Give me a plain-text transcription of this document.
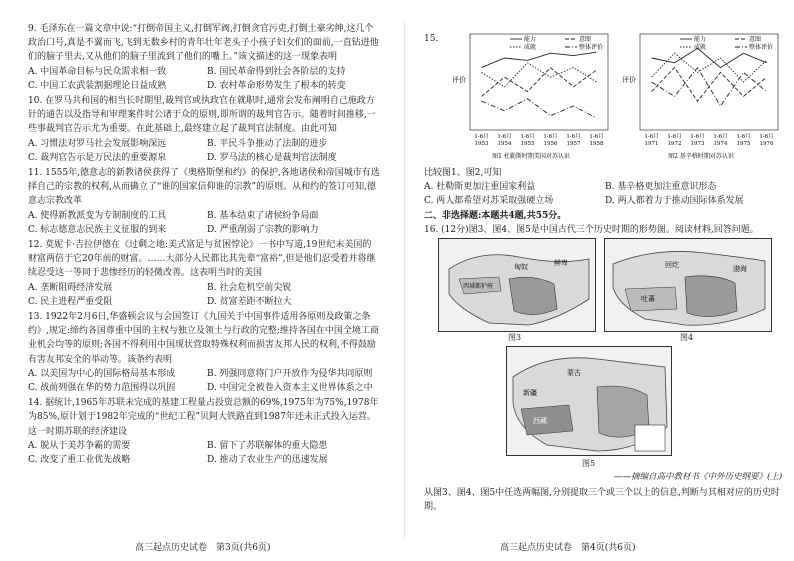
9. 毛泽东在一篇文章中说:“打倒帝国主义,打倒军阀,打倒贪官污吏,打倒土豪劣绅,这几个政治口号,真是不翼而飞,飞到无数乡村的青年壮年老头子小孩子妇女们的面前,一直钻进他们的脑子里去,又从他们的脑子里流到了他们的嘴上。”该文描述的这一现象表明

A. 中国革命目标与民众需求相一致	B. 国民革命得到社会各阶层的支持
C. 中国工农武装割据理论日益成熟	D. 农村革命形势发生了根本的转变

10. 在罗马共和国的相当长时期里,裁判官或执政官在就职时,通常会发布阐明自己施政方针的通告以及指导和审理案件时公诸于众的原则,即所谓的裁判官告示。随着时间推移,一些事裁判官告示尤为重要。在此基础上,最终建立起了裁判官法制度。由此可知

A. 习惯法对罗马社会发展影响深远	B. 平民斗争推动了法制的进步
C. 裁判官告示是万民法的重要源泉	D. 罗马法的核心是裁判官法制度

11. 1555年,德意志的新教诸侯获得了《奥格斯堡和约》的保护,各地诸侯和帝国城市有选择自己的宗教的权利,从而确立了“谁的国家信仰谁的宗教”的原则。从和约的签订可知,德意志宗教改革

A. 使得新教派变为专制制度的工具	B. 基本结束了诸侯纷争局面
C. 标志德意志民族主义征服的到来	D. 严重削弱了宗教的影响力

12. 莫妮卡·吉拉伊德在《过剩之地:美式富足与贫困悖论》一书中写道,19世纪末美国的财富两倍于它20年前的财富。……大部分人民都比其先辈“富裕”,但是他们忍受着并将继续忍受这一等同于悲惨经历的轻微改善。这表明当时的美国

A. 垄断阻碍经济发展	B. 社会危机空前尖锐
C. 民主进程严重受阻	D. 贫富差距不断拉大

13. 1922年2月6日,华盛顿会议与会国签订《九国关于中国事件适用各原则及政策之条约》,规定:缔约各国尊重中国的主权与独立及领土与行政的完整;维持各国在中国全境工商业机会均等的原则;各国不得利用中国现状营取特殊权利而损害友邦人民的权利,不得鼓励有害友邦安全的举动等。该条约表明

A. 以美国为中心的国际格局基本形成	B. 列强同意将门户开放作为侵华共同原则
C. 战前列强在华的势力范围得以巩固	D. 中国完全被卷入资本主义世界体系之中

14. 据统计,1965年苏联未完成的基建工程量占投资总额的69%,1975年为75%,1978年为85%,原计划于1982年完成的“世纪工程”贝阿大铁路直到1987年还未正式投入运营。这一时期苏联的经济建设

A. 脱从于美苏争霸的需要	B. 留下了苏联解体的重大隐患
C. 改变了重工业优先战略	D. 推动了农业生产的迅速发展
高三起点历史试卷　第3页(共6页)
15.
评价
1-6月
1953
1-6月
1954
1-6月
1955
1-6月
1956
1-6月
1957
1-6月
1958
能力	意图
成就	整体评价
图1 杜勒斯时期美国对苏认识
评价
1-6月
1971
1-6月
1972
1-6月
1973
1-6月
1974
1-6月
1975
1-6月
1976
能力	意图
成就	整体评价
图2 基辛格时期对苏认识

比较图1、图2,可知

A. 杜勒斯更加注重国家利益	B. 基辛格更加注重意识形态
C. 两人都希望对苏采取强硬立场	D. 两人都着力于推动国际体系发展

二、非选择题:本题共4题,共55分。

16. (12分)图3、图4、图5是中国古代三个历史时期的形势图。阅读材料,回答问题。

西域都护府
匈奴	鲜卑
图3
回纥
吐蕃
渤海
图4
蒙古
西藏
新疆
图5
——摘编自高中教材书《中外历史纲要》(上)
从图3、图4、图5中任选两幅图,分别提取三个或三个以上的信息,判断与其相对应的历史时期。
高三起点历史试卷　第4页(共6页)
